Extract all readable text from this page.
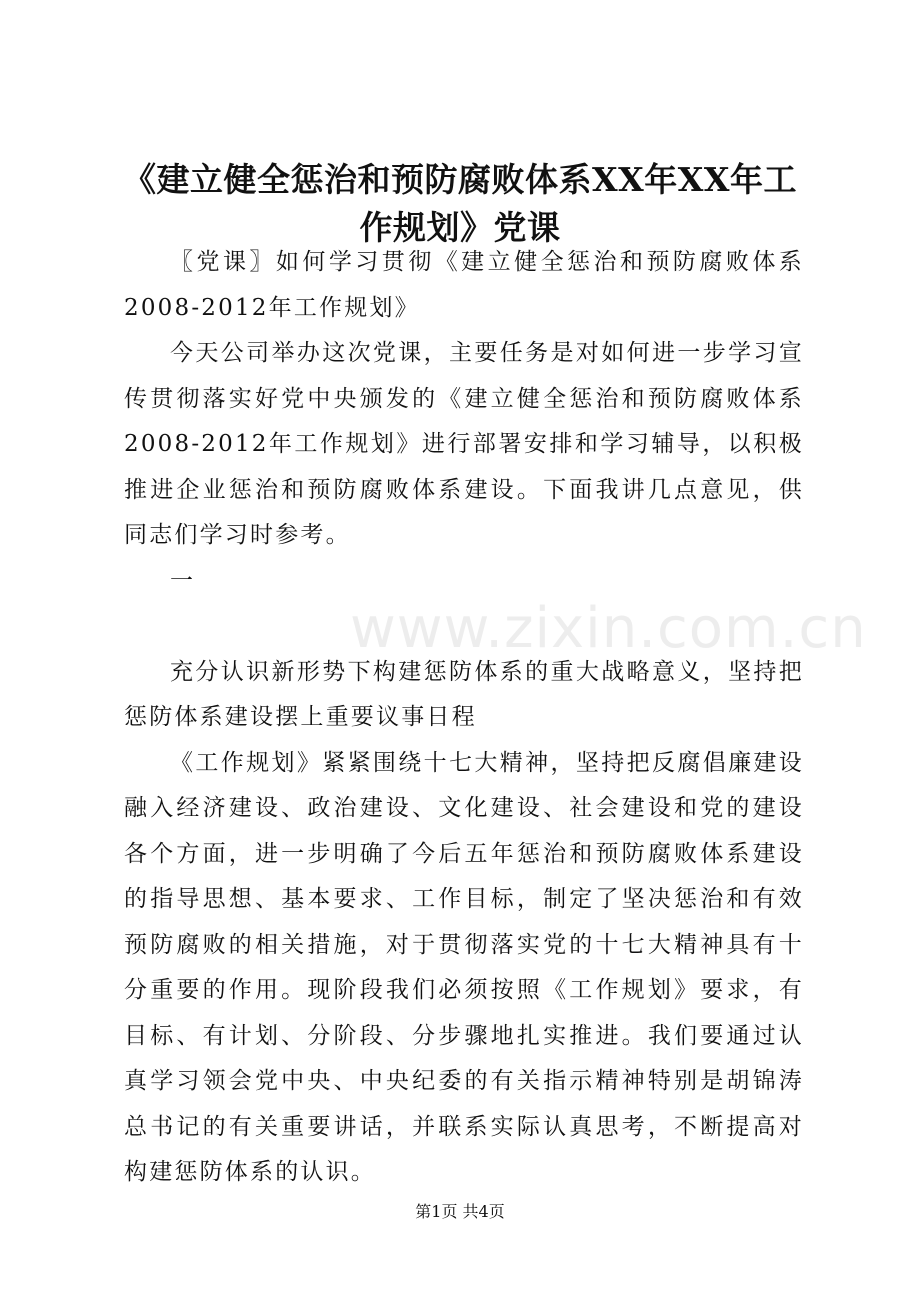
《建立健全惩治和预防腐败体系XX年XX年工作规划》党课

〖党课〗如何学习贯彻《建立健全惩治和预防腐败体系2008-2012年工作规划》

今天公司举办这次党课，主要任务是对如何进一步学习宣传贯彻落实好党中央颁发的《建立健全惩治和预防腐败体系2008-2012年工作规划》进行部署安排和学习辅导，以积极推进企业惩治和预防腐败体系建设。下面我讲几点意见，供同志们学习时参考。

一

充分认识新形势下构建惩防体系的重大战略意义，坚持把惩防体系建设摆上重要议事日程

《工作规划》紧紧围绕十七大精神，坚持把反腐倡廉建设融入经济建设、政治建设、文化建设、社会建设和党的建设各个方面，进一步明确了今后五年惩治和预防腐败体系建设的指导思想、基本要求、工作目标，制定了坚决惩治和有效预防腐败的相关措施，对于贯彻落实党的十七大精神具有十分重要的作用。现阶段我们必须按照《工作规划》要求，有目标、有计划、分阶段、分步骤地扎实推进。我们要通过认真学习领会党中央、中央纪委的有关指示精神特别是胡锦涛总书记的有关重要讲话，并联系实际认真思考，不断提高对构建惩防体系的认识。

www.zixin.com.cn
第1页 共4页
